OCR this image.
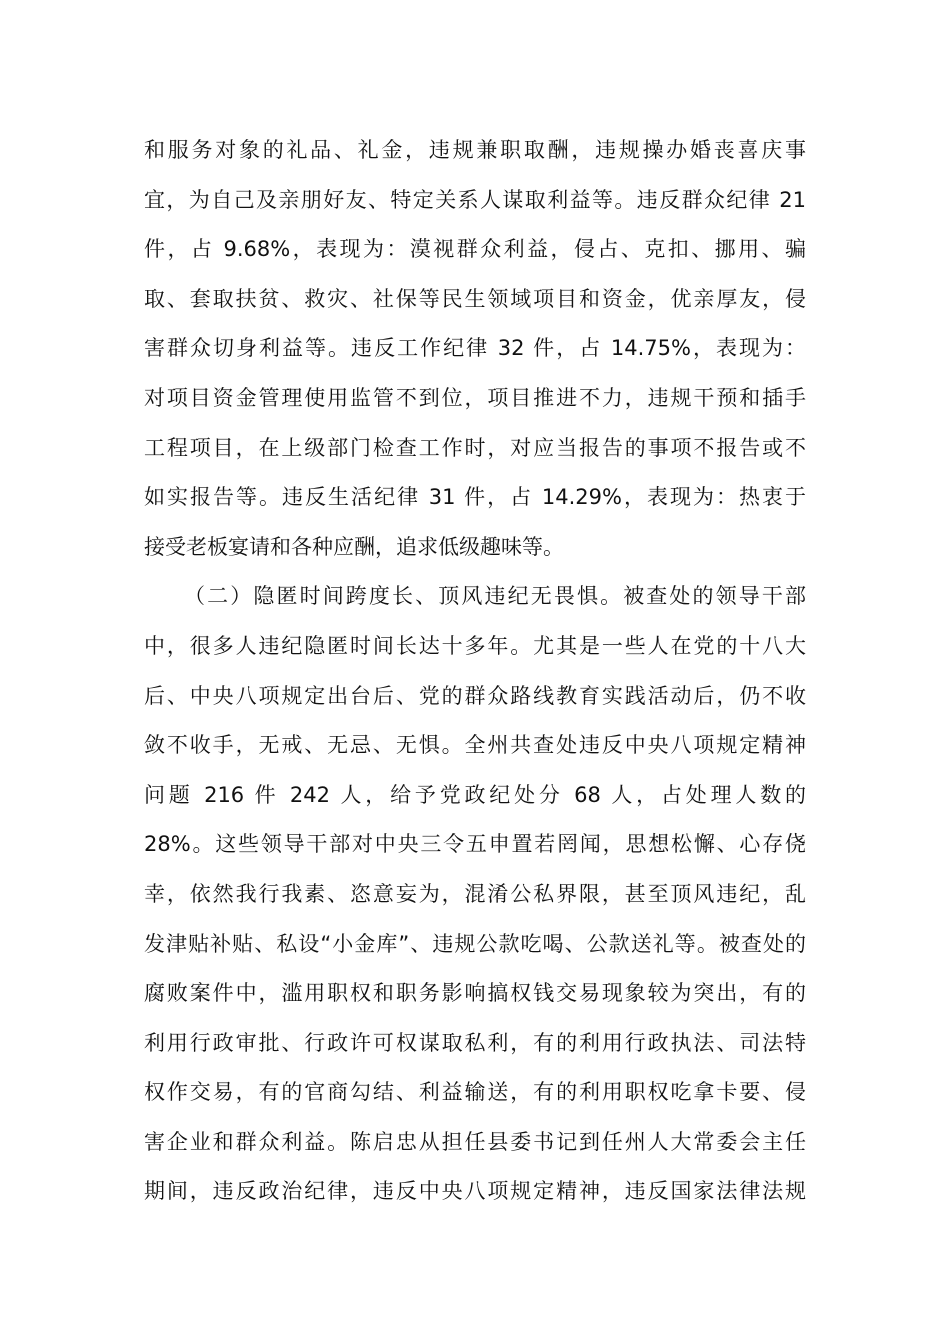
和服务对象的礼品、礼金，违规兼职取酬，违规操办婚丧喜庆事
宜，为自己及亲朋好友、特定关系人谋取利益等。违反群众纪律 21
件，占 9.68%，表现为：漠视群众利益，侵占、克扣、挪用、骗
取、套取扶贫、救灾、社保等民生领域项目和资金，优亲厚友，侵
害群众切身利益等。违反工作纪律 32 件，占 14.75%，表现为：
对项目资金管理使用监管不到位，项目推进不力，违规干预和插手
工程项目，在上级部门检查工作时，对应当报告的事项不报告或不
如实报告等。违反生活纪律 31 件，占 14.29%，表现为：热衷于
接受老板宴请和各种应酬，追求低级趣味等。
（二）隐匿时间跨度长、顶风违纪无畏惧。被查处的领导干部
中，很多人违纪隐匿时间长达十多年。尤其是一些人在党的十八大
后、中央八项规定出台后、党的群众路线教育实践活动后，仍不收
敛不收手，无戒、无忌、无惧。全州共查处违反中央八项规定精神
问题 216 件 242 人，给予党政纪处分 68 人，占处理人数的
28%。这些领导干部对中央三令五申置若罔闻，思想松懈、心存侥
幸，依然我行我素、恣意妄为，混淆公私界限，甚至顶风违纪，乱
发津贴补贴、私设“小金库”、违规公款吃喝、公款送礼等。被查处的
腐败案件中，滥用职权和职务影响搞权钱交易现象较为突出，有的
利用行政审批、行政许可权谋取私利，有的利用行政执法、司法特
权作交易，有的官商勾结、利益输送，有的利用职权吃拿卡要、侵
害企业和群众利益。陈启忠从担任县委书记到任州人大常委会主任
期间，违反政治纪律，违反中央八项规定精神，违反国家法律法规
